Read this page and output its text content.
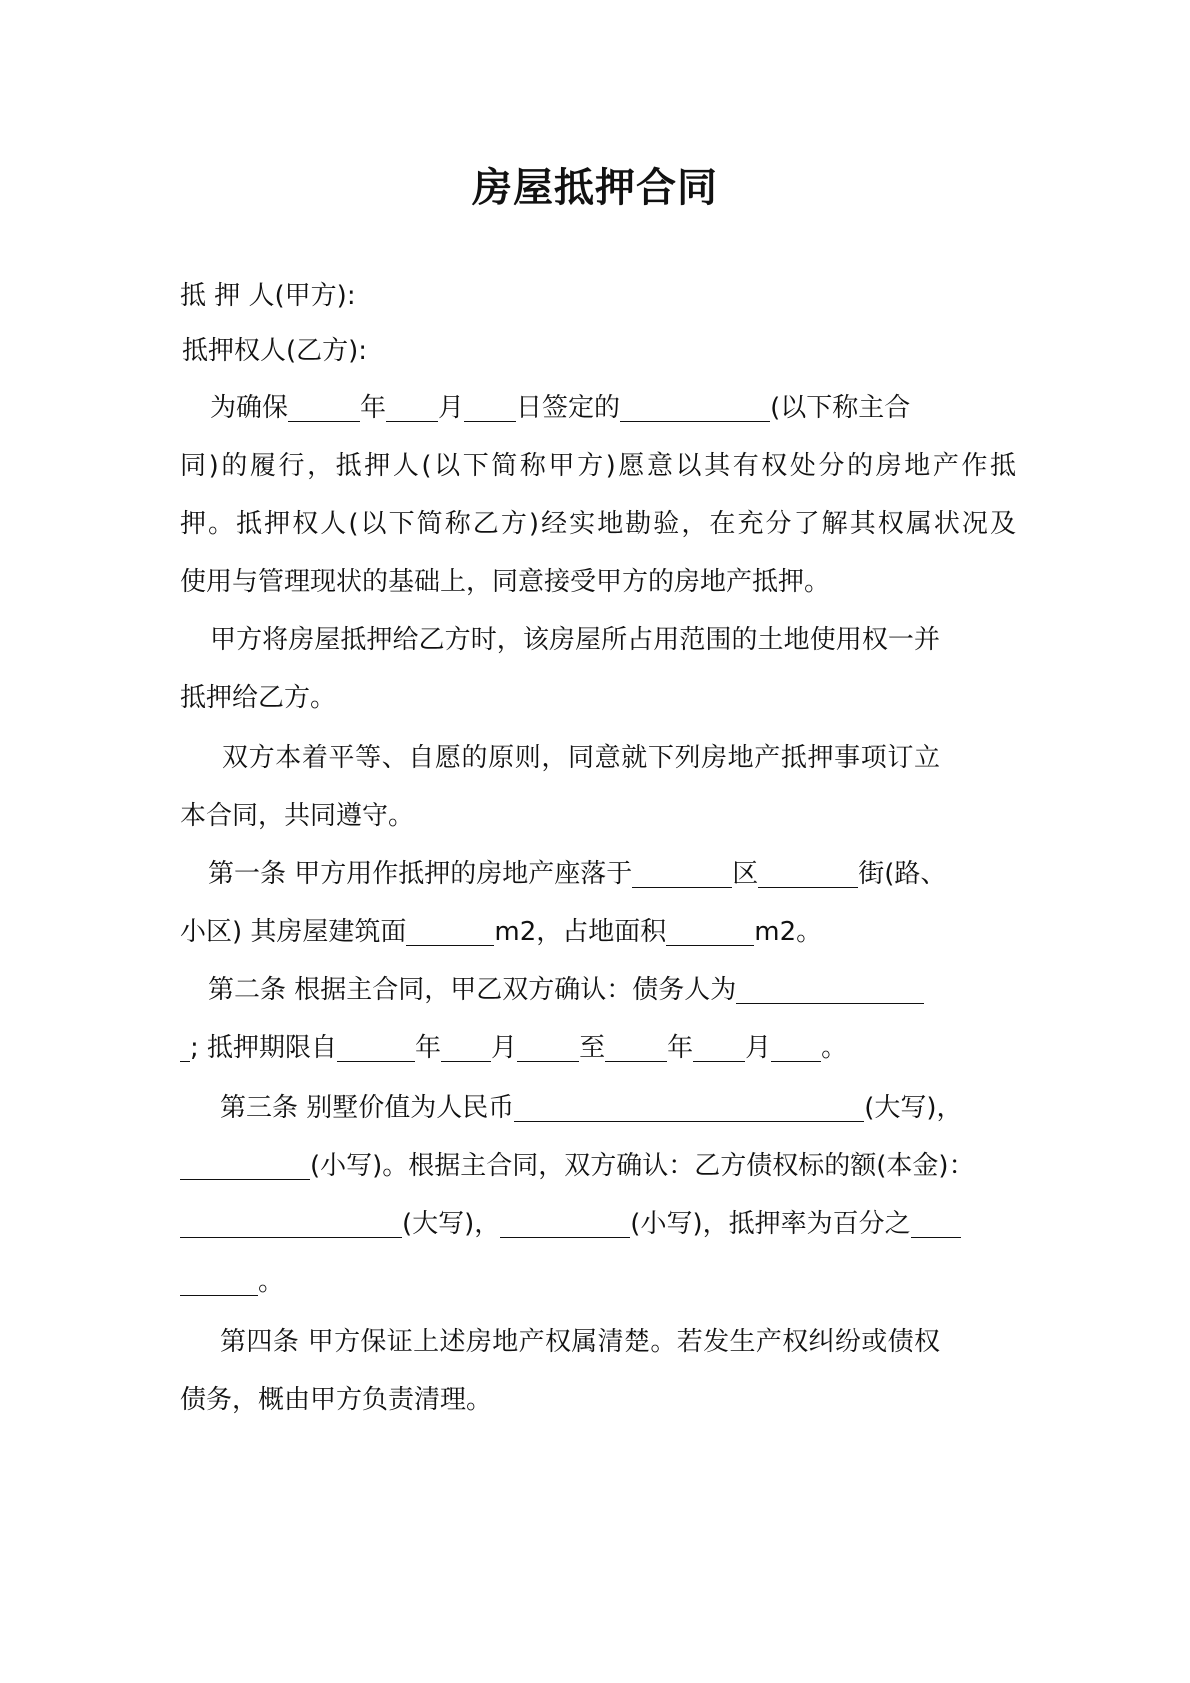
房屋抵押合同
抵 押 人(甲方):
抵押权人(乙方):
为确保	年 月 日签定的	(以下称主合
同)的履行，抵押人(以下简称甲方)愿意以其有权处分的房地产作抵
押。抵押权人(以下简称乙方)经实地勘验，在充分了解其权属状况及
使用与管理现状的基础上，同意接受甲方的房地产抵押。
甲方将房屋抵押给乙方时，该房屋所占用范围的土地使用权一并
抵押给乙方。
双方本着平等、自愿的原则，同意就下列房地产抵押事项订立
本合同，共同遵守。
第一条 甲方用作抵押的房地产座落于	区	街(路、
小区) 其房屋建筑面	m2，占地面积	m2。
第二条 根据主合同，甲乙双方确认：债务人为
; 抵押期限自	年 月 至 年 月 。
第三条 别墅价值为人民币	(大写)，
(小写)。根据主合同，双方确认：乙方债权标的额(本金)：
(大写)，	(小写)，抵押率为百分之
。
第四条 甲方保证上述房地产权属清楚。若发生产权纠纷或债权
债务，概由甲方负责清理。
